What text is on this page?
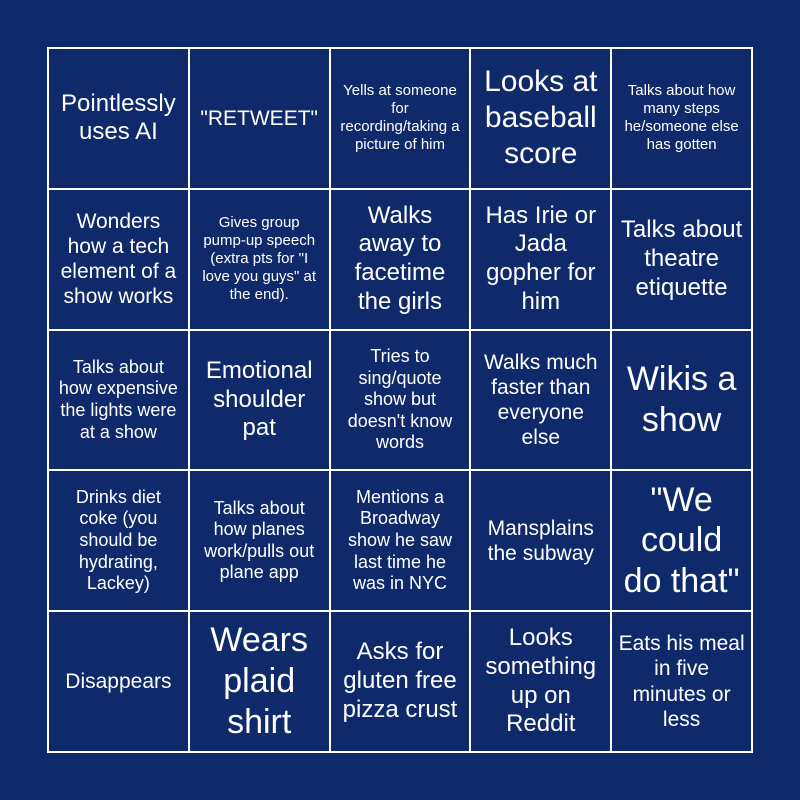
Pointlessly uses AI
"RETWEET"
Yells at someone for recording/taking a picture of him
Looks at baseball score
Talks about how many steps he/someone else has gotten
Wonders how a tech element of a show works
Gives group pump-up speech (extra pts for "I love you guys" at the end).
Walks away to facetime the girls
Has Irie or Jada gopher for him
Talks about theatre etiquette
Talks about how expensive the lights were at a show
Emotional shoulder pat
Tries to sing/quote show but doesn't know words
Walks much faster than everyone else
Wikis a show
Drinks diet coke (you should be hydrating, Lackey)
Talks about how planes work/pulls out plane app
Mentions a Broadway show he saw last time he was in NYC
Mansplains the subway
"We could do that"
Disappears
Wears plaid shirt
Asks for gluten free pizza crust
Looks something up on Reddit
Eats his meal in five minutes or less
